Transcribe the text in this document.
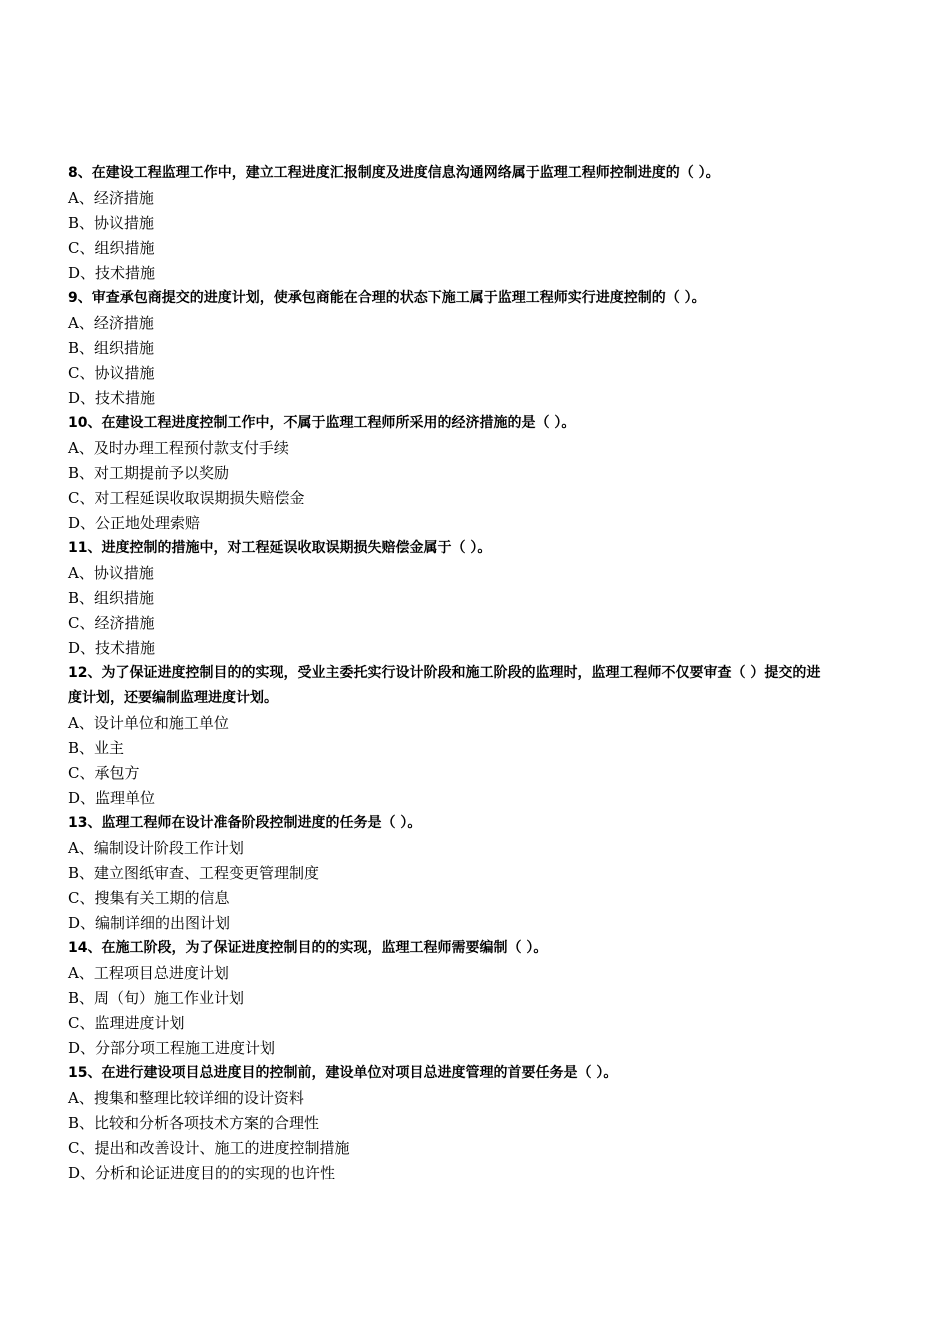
8、在建设工程监理工作中，建立工程进度汇报制度及进度信息沟通网络属于监理工程师控制进度的（ ）。

A、经济措施

B、协议措施

C、组织措施

D、技术措施

9、审查承包商提交的进度计划，使承包商能在合理的状态下施工属于监理工程师实行进度控制的（ ）。

A、经济措施

B、组织措施

C、协议措施

D、技术措施

10、在建设工程进度控制工作中，不属于监理工程师所采用的经济措施的是（ ）。

A、及时办理工程预付款支付手续

B、对工期提前予以奖励

C、对工程延误收取误期损失赔偿金

D、公正地处理索赔

11、进度控制的措施中，对工程延误收取误期损失赔偿金属于（ ）。

A、协议措施

B、组织措施

C、经济措施

D、技术措施

12、为了保证进度控制目的的实现，受业主委托实行设计阶段和施工阶段的监理时，监理工程师不仅要审查（ ）提交的进度计划，还要编制监理进度计划。

A、设计单位和施工单位

B、业主

C、承包方

D、监理单位

13、监理工程师在设计准备阶段控制进度的任务是（ ）。

A、编制设计阶段工作计划

B、建立图纸审查、工程变更管理制度

C、搜集有关工期的信息

D、编制详细的出图计划

14、在施工阶段，为了保证进度控制目的的实现，监理工程师需要编制（ ）。

A、工程项目总进度计划

B、周（旬）施工作业计划

C、监理进度计划

D、分部分项工程施工进度计划

15、在进行建设项目总进度目的控制前，建设单位对项目总进度管理的首要任务是（ ）。

A、搜集和整理比较详细的设计资料

B、比较和分析各项技术方案的合理性

C、提出和改善设计、施工的进度控制措施

D、分析和论证进度目的的实现的也许性
